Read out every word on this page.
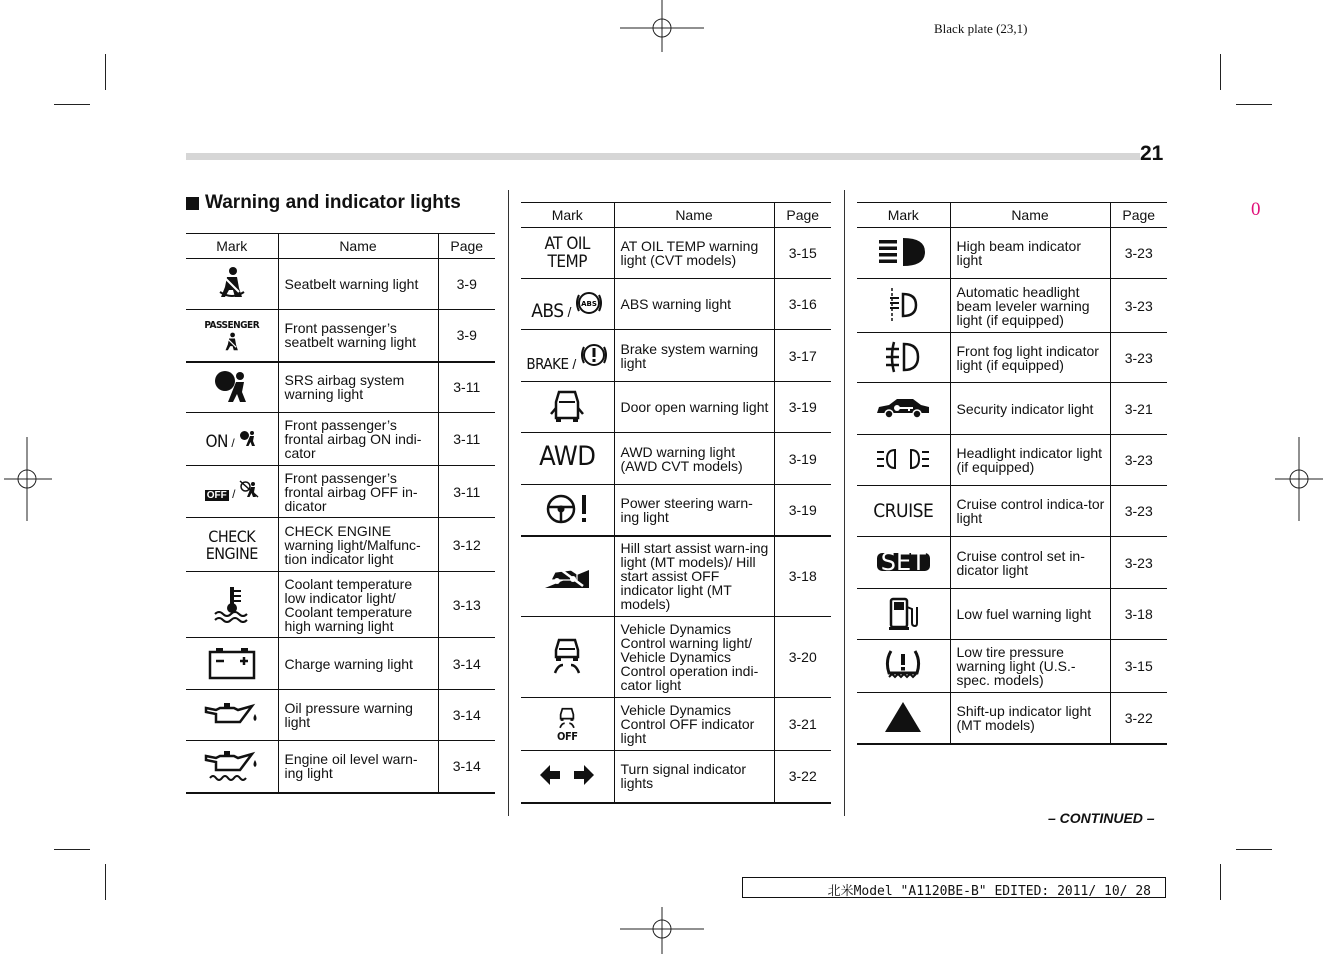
Black plate (23,1)
21
0
Warning and indicator lights
Mark	Name	Page
	Seatbelt warning light	3-9

PASSENGER	Front passenger’s seatbelt warning light	3-9
	SRS airbag system warning light	3-11
ON /	Front passenger’s frontal airbag ON indi-cator	3-11
OFF /	Front passenger’s frontal airbag OFF in-dicator	3-11

CHECK ENGINE	CHECK ENGINE warning light/Malfunc-tion indicator light	3-12
	Coolant temperature low indicator light/ Coolant temperature high warning light	3-13
	Charge warning light	3-14
	Oil pressure warning light	3-14
	Engine oil level warn-ing light	3-14
Mark	Name	Page

AT OIL TEMP	AT OIL TEMP warning light (CVT models)	3-15
ABS / ABS	ABS warning light	3-16
BRAKE /	Brake system warning light	3-17
	Door open warning light	3-19
AWD	AWD warning light (AWD CVT models)	3-19
	Power steering warn-ing light	3-19
	Hill start assist warn-ing light (MT models)/ Hill start assist OFF indicator light (MT models)	3-18
	Vehicle Dynamics Control warning light/ Vehicle Dynamics Control operation indi-cator light	3-20

OFF	Vehicle Dynamics Control OFF indicator light	3-21
	Turn signal indicator lights	3-22
Mark	Name	Page
	High beam indicator light	3-23
	Automatic headlight beam leveler warning light (if equipped)	3-23
	Front fog light indicator light (if equipped)	3-23
	Security indicator light	3-21
	Headlight indicator light (if equipped)	3-23
CRUISE	Cruise control indica-tor light	3-23
SET	Cruise control set in-dicator light	3-23
	Low fuel warning light	3-18
	Low tire pressure warning light (U.S.-spec. models)	3-15
	Shift-up indicator light (MT models)	3-22
– CONTINUED –
北米Model "A1120BE-B" EDITED: 2011/ 10/ 28
